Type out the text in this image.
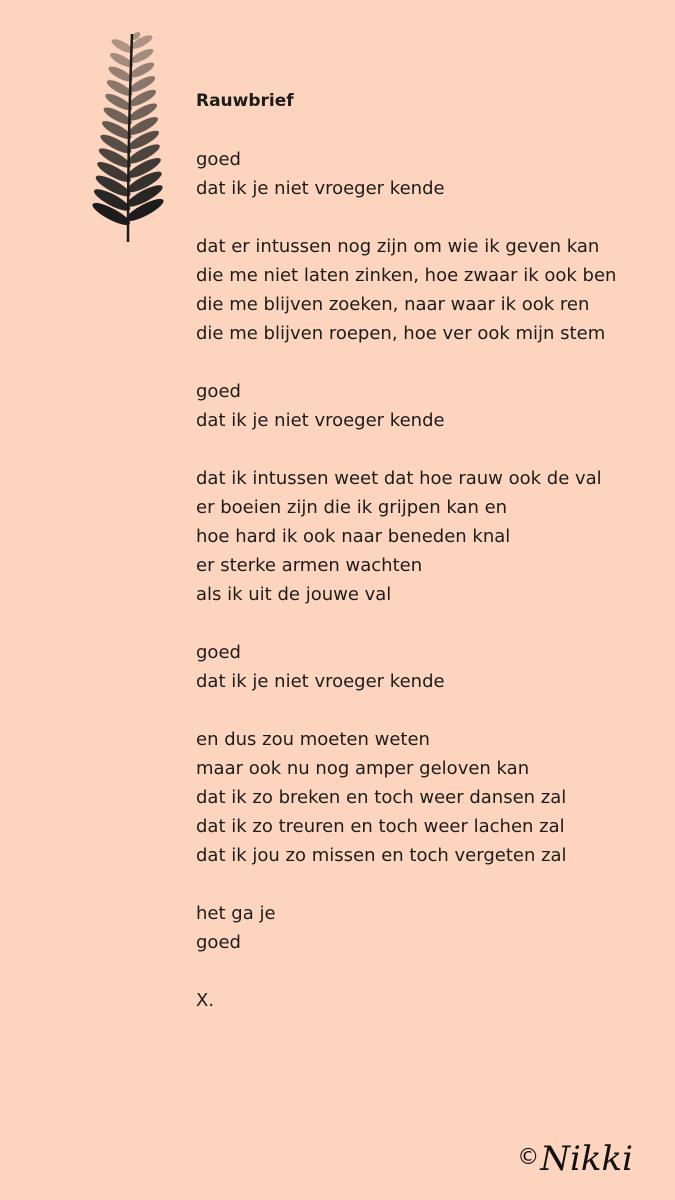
Rauwbrief
goed
dat ik je niet vroeger kende
dat er intussen nog zijn om wie ik geven kan
die me niet laten zinken, hoe zwaar ik ook ben
die me blijven zoeken, naar waar ik ook ren
die me blijven roepen, hoe ver ook mijn stem
goed
dat ik je niet vroeger kende
dat ik intussen weet dat hoe rauw ook de val
er boeien zijn die ik grijpen kan en
hoe hard ik ook naar beneden knal
er sterke armen wachten
als ik uit de jouwe val
goed
dat ik je niet vroeger kende
en dus zou moeten weten
maar ook nu nog amper geloven kan
dat ik zo breken en toch weer dansen zal
dat ik zo treuren en toch weer lachen zal
dat ik jou zo missen en toch vergeten zal
het ga je
goed
X.
©Nikki
